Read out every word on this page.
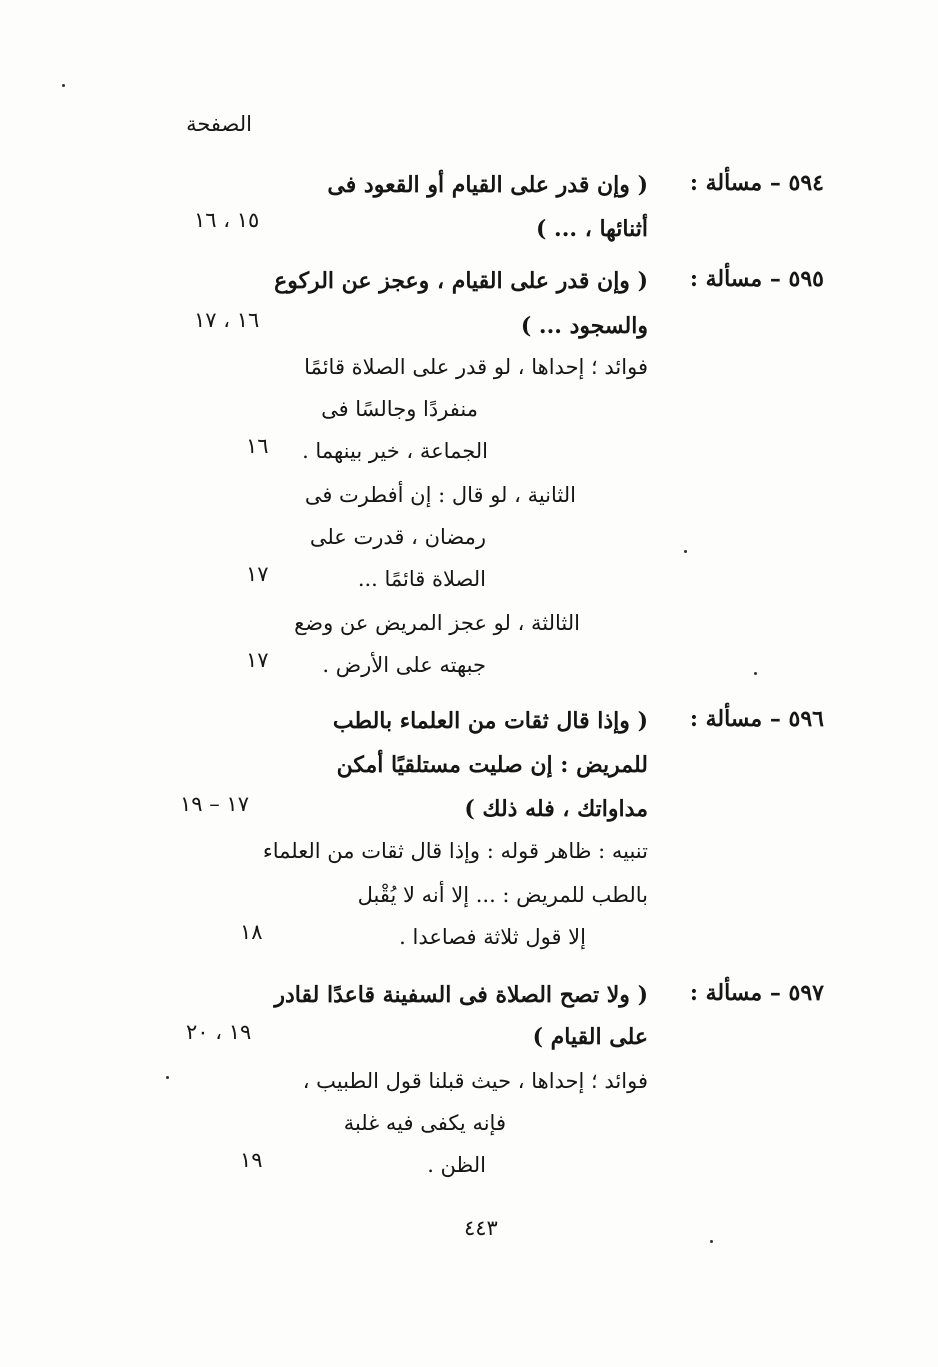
الصفحة
٥٩٤ – مسألة :
( وإن قدر على القيام أو القعود فى
أثنائها ، ... )
١٥ ، ١٦
٥٩٥ – مسألة :
( وإن قدر على القيام ، وعجز عن الركوع
والسجود ... )
١٦ ، ١٧
فوائد ؛ إحداها ، لو قدر على الصلاة قائمًا
منفردًا وجالسًا فى
الجماعة ، خير بينهما .
١٦
الثانية ، لو قال : إن أفطرت فى
رمضان ، قدرت على
الصلاة قائمًا ...
١٧
الثالثة ، لو عجز المريض عن وضع
جبهته على الأرض .
١٧
٥٩٦ – مسألة :
( وإذا قال ثقات من العلماء بالطب
للمريض : إن صليت مستلقيًا أمكن
مداواتك ، فله ذلك )
١٧ – ١٩
تنبيه : ظاهر قوله : وإذا قال ثقات من العلماء
بالطب للمريض : ... إلا أنه لا يُقْبل
إلا قول ثلاثة فصاعدا .
١٨
٥٩٧ – مسألة :
( ولا تصح الصلاة فى السفينة قاعدًا لقادر
على القيام )
١٩ ، ٢٠
فوائد ؛ إحداها ، حيث قبلنا قول الطبيب ،
فإنه يكفى فيه غلبة
الظن .
١٩
٤٤٣
